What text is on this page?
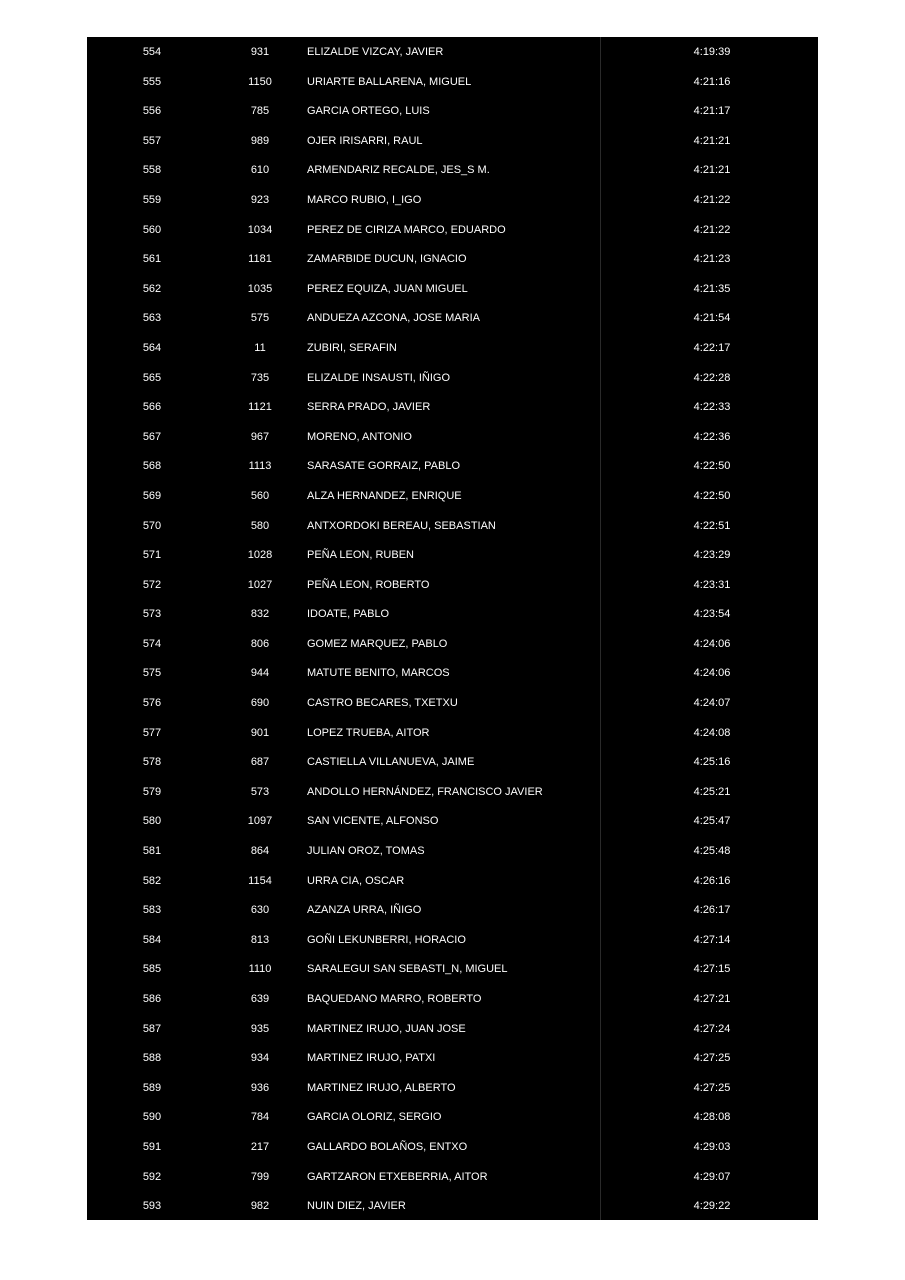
554	931	ELIZALDE VIZCAY, JAVIER	4:19:39
555	1150	URIARTE BALLARENA, MIGUEL	4:21:16
556	785	GARCIA ORTEGO, LUIS	4:21:17
557	989	OJER IRISARRI, RAUL	4:21:21
558	610	ARMENDARIZ RECALDE, JES_S M.	4:21:21
559	923	MARCO RUBIO, I_IGO	4:21:22
560	1034	PEREZ DE CIRIZA MARCO, EDUARDO	4:21:22
561	1181	ZAMARBIDE DUCUN, IGNACIO	4:21:23
562	1035	PEREZ EQUIZA, JUAN MIGUEL	4:21:35
563	575	ANDUEZA AZCONA, JOSE MARIA	4:21:54
564	11	ZUBIRI, SERAFIN	4:22:17
565	735	ELIZALDE INSAUSTI, IÑIGO	4:22:28
566	1121	SERRA PRADO, JAVIER	4:22:33
567	967	MORENO, ANTONIO	4:22:36
568	1113	SARASATE GORRAIZ, PABLO	4:22:50
569	560	ALZA HERNANDEZ, ENRIQUE	4:22:50
570	580	ANTXORDOKI BEREAU, SEBASTIAN	4:22:51
571	1028	PEÑA LEON, RUBEN	4:23:29
572	1027	PEÑA LEON, ROBERTO	4:23:31
573	832	IDOATE, PABLO	4:23:54
574	806	GOMEZ MARQUEZ, PABLO	4:24:06
575	944	MATUTE BENITO, MARCOS	4:24:06
576	690	CASTRO BECARES, TXETXU	4:24:07
577	901	LOPEZ TRUEBA, AITOR	4:24:08
578	687	CASTIELLA VILLANUEVA, JAIME	4:25:16
579	573	ANDOLLO HERNÁNDEZ, FRANCISCO JAVIER	4:25:21
580	1097	SAN VICENTE, ALFONSO	4:25:47
581	864	JULIAN OROZ, TOMAS	4:25:48
582	1154	URRA CIA, OSCAR	4:26:16
583	630	AZANZA URRA, IÑIGO	4:26:17
584	813	GOÑI LEKUNBERRI, HORACIO	4:27:14
585	1110	SARALEGUI SAN SEBASTI_N, MIGUEL	4:27:15
586	639	BAQUEDANO MARRO, ROBERTO	4:27:21
587	935	MARTINEZ IRUJO, JUAN JOSE	4:27:24
588	934	MARTINEZ IRUJO, PATXI	4:27:25
589	936	MARTINEZ IRUJO, ALBERTO	4:27:25
590	784	GARCIA OLORIZ, SERGIO	4:28:08
591	217	GALLARDO BOLAÑOS, ENTXO	4:29:03
592	799	GARTZARON ETXEBERRIA, AITOR	4:29:07
593	982	NUIN DIEZ, JAVIER	4:29:22
